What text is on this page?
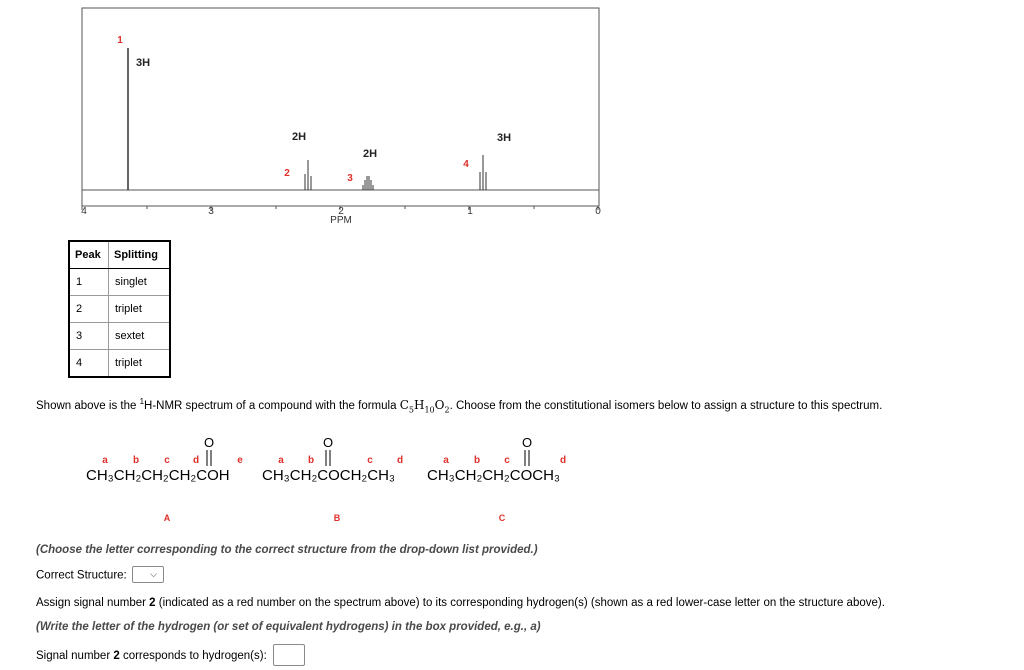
4	3	2	1	0
PPM
3H
2H
2H
3H
1
2	3
4
Peak	Splitting
1	singlet
2	triplet
3	sextet
4	triplet
Shown above is the $^1$H-NMR spectrum of a compound with the formula $C_5H_{10}O_2$. Choose from the constitutional isomers below to assign a structure to this spectrum.
O
a	b	c d	e
CH₃CH₂CH₂CH₂COH
A
O
a b	c d
CH₃CH₂COCH₂CH₃
B
O
a	b c	d
CH₃CH₂CH₂COCH₃
C
(Choose the letter corresponding to the correct structure from the drop-down list provided.)
Correct Structure:	⌵
Assign signal number 2 (indicated as a red number on the spectrum above) to its corresponding hydrogen(s) (shown as a red lower-case letter on the structure above).
(Write the letter of the hydrogen (or set of equivalent hydrogens) in the box provided, e.g., a)
Signal number 2 corresponds to hydrogen(s):
